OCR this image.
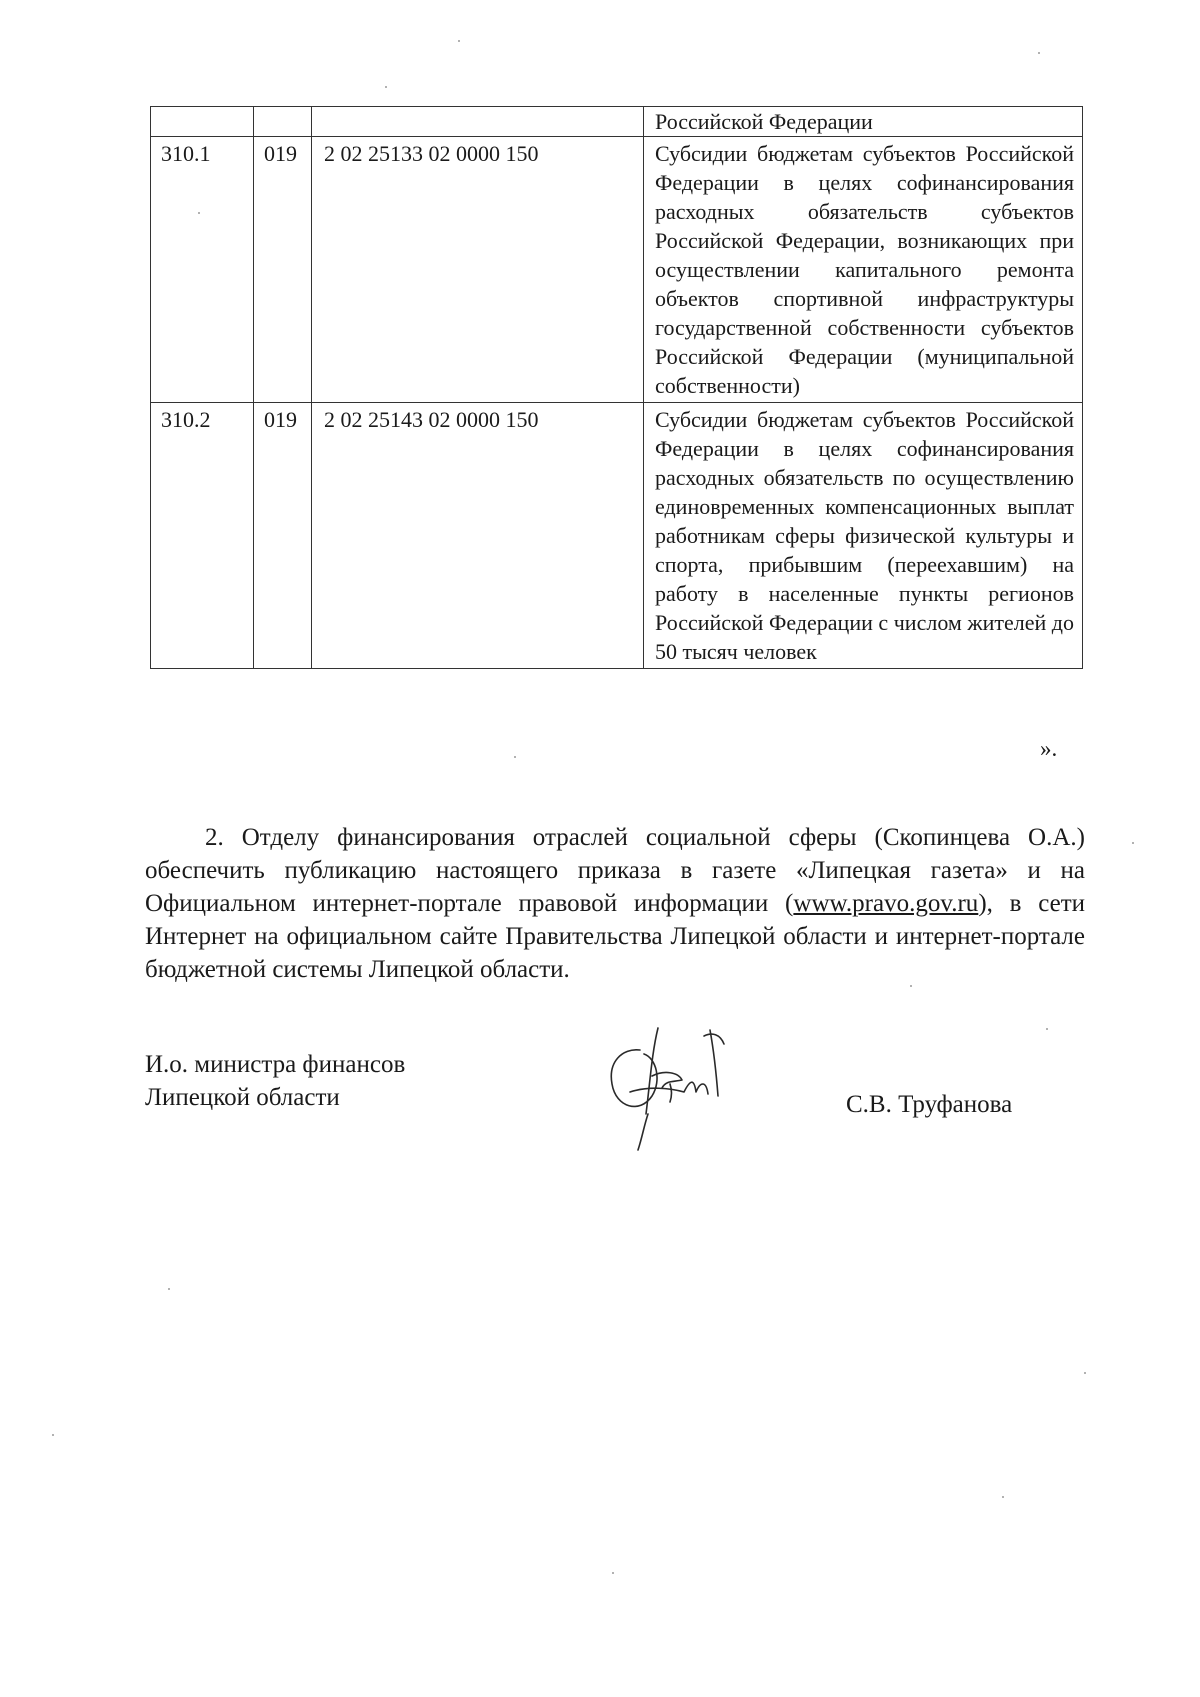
			Российской Федерации
310.1	019	2 02 25133 02 0000 150	Субсидии бюджетам субъектов Российской Федерации в целях софинансирования расходных обязательств субъектов Российской Федерации, возникающих при осуществлении капитального ремонта объектов спортивной инфраструктуры государственной собственности субъектов Российской Федерации (муниципальной собственности)
310.2	019	2 02 25143 02 0000 150	Субсидии бюджетам субъектов Российской Федерации в целях софинансирования расходных обязательств по осуществлению единовременных компенсационных выплат работникам сферы физической культуры и спорта, прибывшим (переехавшим) на работу в населенные пункты регионов Российской Федерации с числом жителей до 50 тысяч человек
».

2. Отделу финансирования отраслей социальной сферы (Скопинцева О.А.) обеспечить публикацию настоящего приказа в газете «Липецкая газета» и на Официальном интернет-портале правовой информации (www.pravo.gov.ru), в сети Интернет на официальном сайте Правительства Липецкой области и интернет-портале бюджетной системы Липецкой области.

И.о. министра финансов
Липецкой области	С.В. Труфанова
